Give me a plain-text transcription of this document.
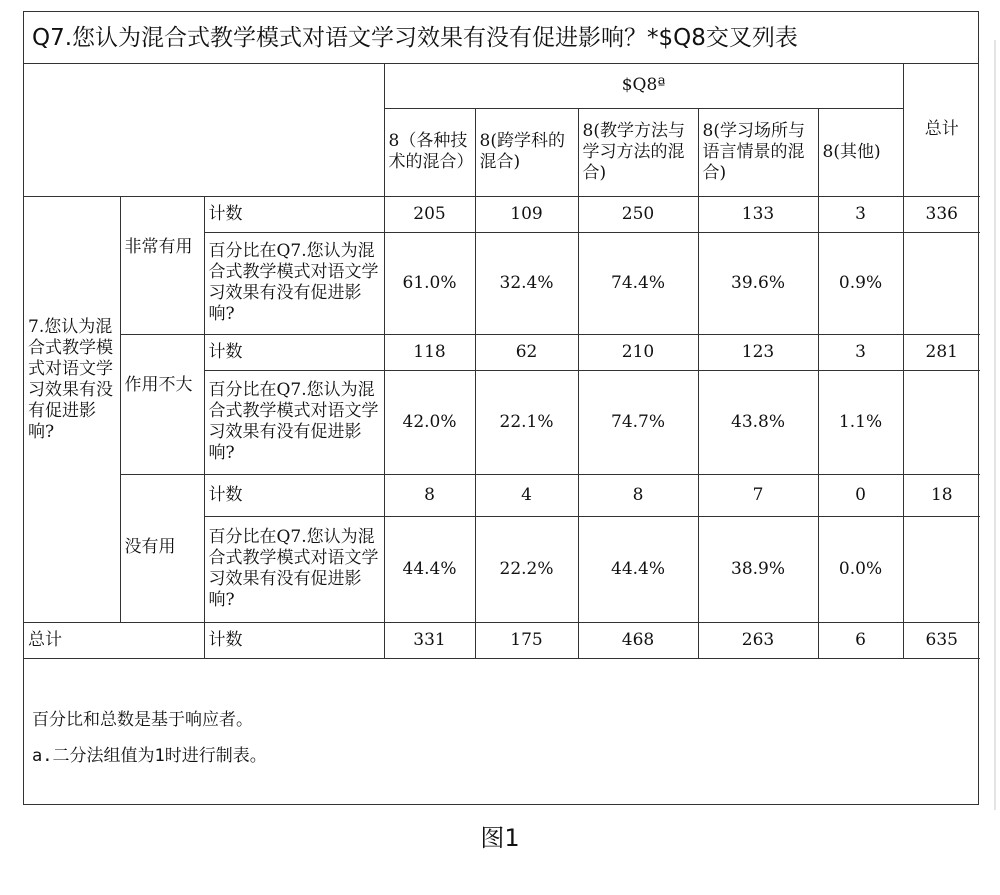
Q7.您认为混合式教学模式对语文学习效果有没有促进影响？*$Q8交叉列表
			$Q8ª					总计
			8（各种技术的混合）	8(跨学科的混合)	8(教学方法与学习方法的混合)	8(学习场所与语言情景的混合)	8(其他)	
7.您认为混合式教学模式对语文学习效果有没有促进影响?	非常有用	计数	205	109	250	133	3	336
		百分比在Q7.您认为混合式教学模式对语文学习效果有没有促进影响?	61.0%	32.4%	74.4%	39.6%	0.9%	
	作用不大	计数	118	62	210	123	3	281
		百分比在Q7.您认为混合式教学模式对语文学习效果有没有促进影响?	42.0%	22.1%	74.7%	43.8%	1.1%	
	没有用	计数	8	4	8	7	0	18
		百分比在Q7.您认为混合式教学模式对语文学习效果有没有促进影响?	44.4%	22.2%	44.4%	38.9%	0.0%	
总计		计数	331	175	468	263	6	635
百分比和总数是基于响应者。
a.二分法组值为1时进行制表。
图1
